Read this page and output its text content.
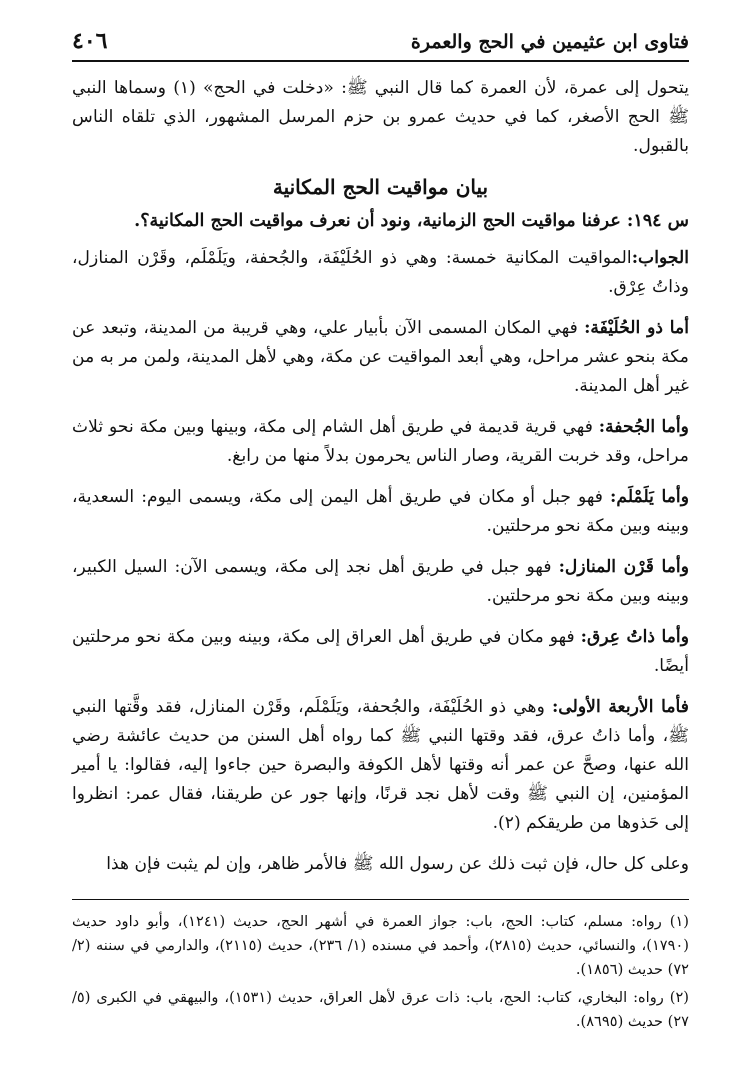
فتاوى ابن عثيمين في الحج والعمرة
٤٠٦

يتحول إلى عمرة، لأن العمرة كما قال النبي ﷺ: «دخلت في الحج» (١) وسماها النبي ﷺ الحج الأصغر، كما في حديث عمرو بن حزم المرسل المشهور، الذي تلقاه الناس بالقبول.

بيان مواقيت الحج المكانية

س ١٩٤: عرفنا مواقيت الحج الزمانية، ونود أن نعرف مواقيت الحج المكانية؟.

الجواب:المواقيت المكانية خمسة: وهي ذو الحُلَيْفَة، والجُحفة، ويَلَمْلَم، وقَرْن المنازل، وذاتُ عِرْق.

أما ذو الحُلَيْفَة: فهي المكان المسمى الآن بأبيار علي، وهي قريبة من المدينة، وتبعد عن مكة بنحو عشر مراحل، وهي أبعد المواقيت عن مكة، وهي لأهل المدينة، ولمن مر به من غير أهل المدينة.

وأما الجُحفة: فهي قرية قديمة في طريق أهل الشام إلى مكة، وبينها وبين مكة نحو ثلاث مراحل، وقد خربت القرية، وصار الناس يحرمون بدلاً منها من رابغ.

وأما يَلَمْلَم: فهو جبل أو مكان في طريق أهل اليمن إلى مكة، ويسمى اليوم: السعدية، وبينه وبين مكة نحو مرحلتين.

وأما قَرْن المنازل: فهو جبل في طريق أهل نجد إلى مكة، ويسمى الآن: السيل الكبير، وبينه وبين مكة نحو مرحلتين.

وأما ذاتُ عِرق: فهو مكان في طريق أهل العراق إلى مكة، وبينه وبين مكة نحو مرحلتين أيضًا.

فأما الأربعة الأولى: وهي ذو الحُلَيْفَة، والجُحفة، ويَلَمْلَم، وقَرْن المنازل، فقد وقَّتها النبي ﷺ، وأما ذاتُ عرق، فقد وقتها النبي ﷺ كما رواه أهل السنن من حديث عائشة رضي الله عنها، وصحَّ عن عمر أنه وقتها لأهل الكوفة والبصرة حين جاءوا إليه، فقالوا: يا أمير المؤمنين، إن النبي ﷺ وقت لأهل نجد قرنًا، وإنها جور عن طريقنا، فقال عمر: انظروا إلى حَذوها من طريقكم (٢).

وعلى كل حال، فإن ثبت ذلك عن رسول الله ﷺ فالأمر ظاهر، وإن لم يثبت فإن هذا

(١) رواه: مسلم، كتاب: الحج، باب: جواز العمرة في أشهر الحج، حديث (١٢٤١)، وأبو داود حديث (١٧٩٠)، والنسائي، حديث (٢٨١٥)، وأحمد في مسنده (١/ ٢٣٦)، حديث (٢١١٥)، والدارمي في سننه (٢/ ٧٢) حديث (١٨٥٦).

(٢) رواه: البخاري، كتاب: الحج، باب: ذات عرق لأهل العراق، حديث (١٥٣١)، والبيهقي في الكبرى (٥/ ٢٧) حديث (٨٦٩٥).
